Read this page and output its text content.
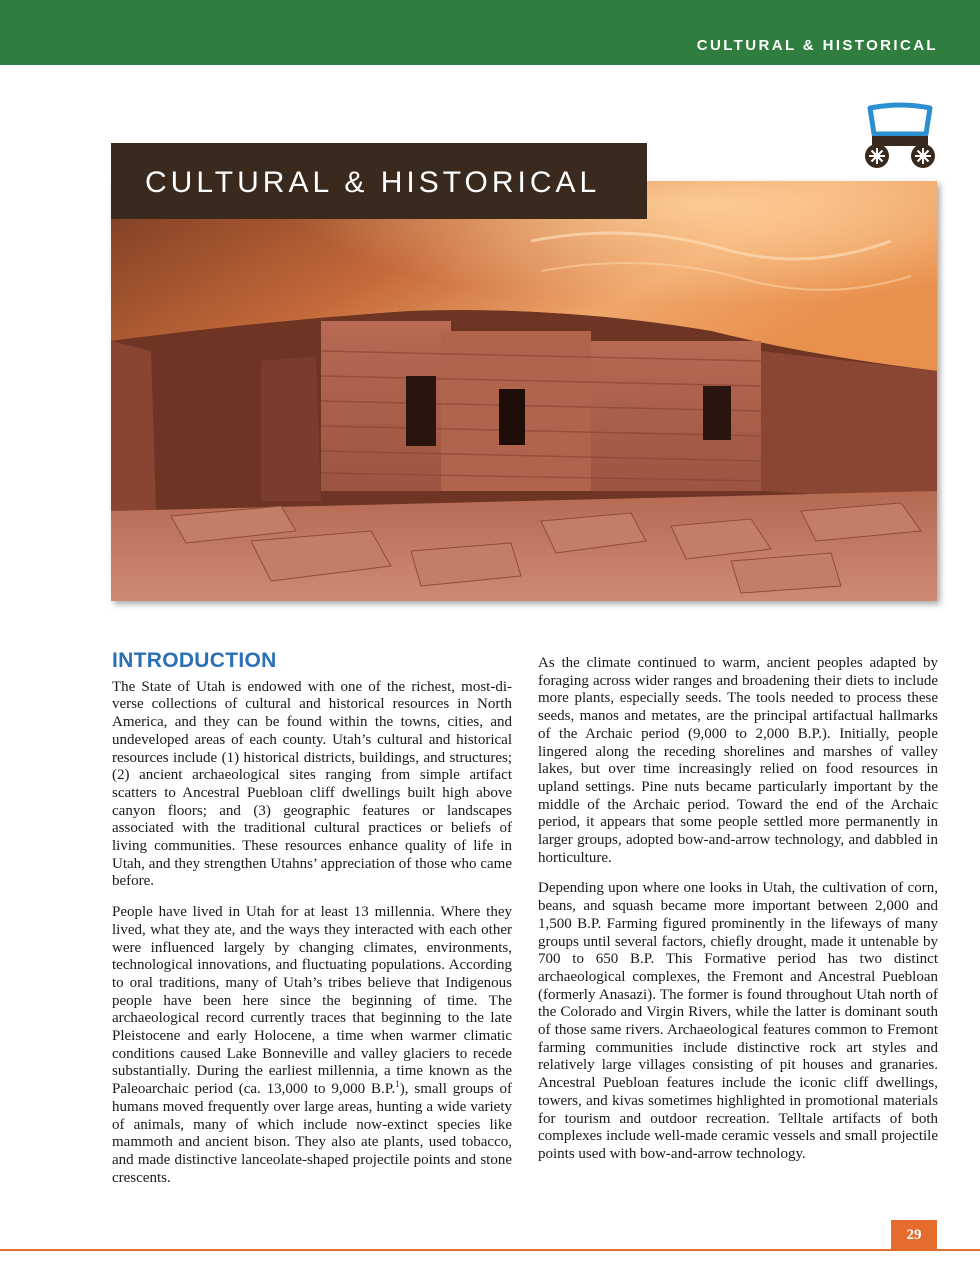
CULTURAL & HISTORICAL
CULTURAL & HISTORICAL
INTRODUCTION

The State of Utah is endowed with one of the richest, most-diverse collections of cultural and historical resources in North America, and they can be found within the towns, cities, and undeveloped areas of each county. Utah’s cultural and historical resources include (1) historical districts, buildings, and structures; (2) ancient archaeological sites ranging from simple artifact scatters to Ancestral Puebloan cliff dwellings built high above canyon floors; and (3) geographic features or landscapes associated with the traditional cultural practices or beliefs of living communities. These resources enhance quality of life in Utah, and they strengthen Utahns’ appreciation of those who came before.

People have lived in Utah for at least 13 millennia. Where they lived, what they ate, and the ways they interacted with each other were influenced largely by changing climates, environments, technological innovations, and fluctuating populations. According to oral traditions, many of Utah’s tribes believe that Indigenous people have been here since the beginning of time. The archaeological record currently traces that beginning to the late Pleistocene and early Holocene, a time when warmer climatic conditions caused Lake Bonneville and valley glaciers to recede substantially. During the earliest millennia, a time known as the Paleoarchaic period (ca. 13,000 to 9,000 B.P.$^1$), small groups of humans moved frequently over large areas, hunting a wide variety of animals, many of which include now-extinct species like mammoth and ancient bison. They also ate plants, used tobacco, and made distinctive lanceolate-shaped projectile points and stone crescents.

As the climate continued to warm, ancient peoples adapted by foraging across wider ranges and broadening their diets to include more plants, especially seeds. The tools needed to process these seeds, manos and metates, are the principal artifactual hallmarks of the Archaic period (9,000 to 2,000 B.P.). Initially, people lingered along the receding shorelines and marshes of valley lakes, but over time increasingly relied on food resources in upland settings. Pine nuts became particularly important by the middle of the Archaic period. Toward the end of the Archaic period, it appears that some people settled more permanently in larger groups, adopted bow-and-arrow technology, and dabbled in horticulture.

Depending upon where one looks in Utah, the cultivation of corn, beans, and squash became more important between 2,000 and 1,500 B.P. Farming figured prominently in the lifeways of many groups until several factors, chiefly drought, made it untenable by 700 to 650 B.P. This Formative period has two distinct archaeological complexes, the Fremont and Ancestral Puebloan (formerly Anasazi). The former is found throughout Utah north of the Colorado and Virgin Rivers, while the latter is dominant south of those same rivers. Archaeological features common to Fremont farming communities include distinctive rock art styles and relatively large villages consisting of pit houses and granaries. Ancestral Puebloan features include the iconic cliff dwellings, towers, and kivas sometimes highlighted in promotional materials for tourism and outdoor recreation. Telltale artifacts of both complexes include well-made ceramic vessels and small projectile points used with bow-and-arrow technology.

29
